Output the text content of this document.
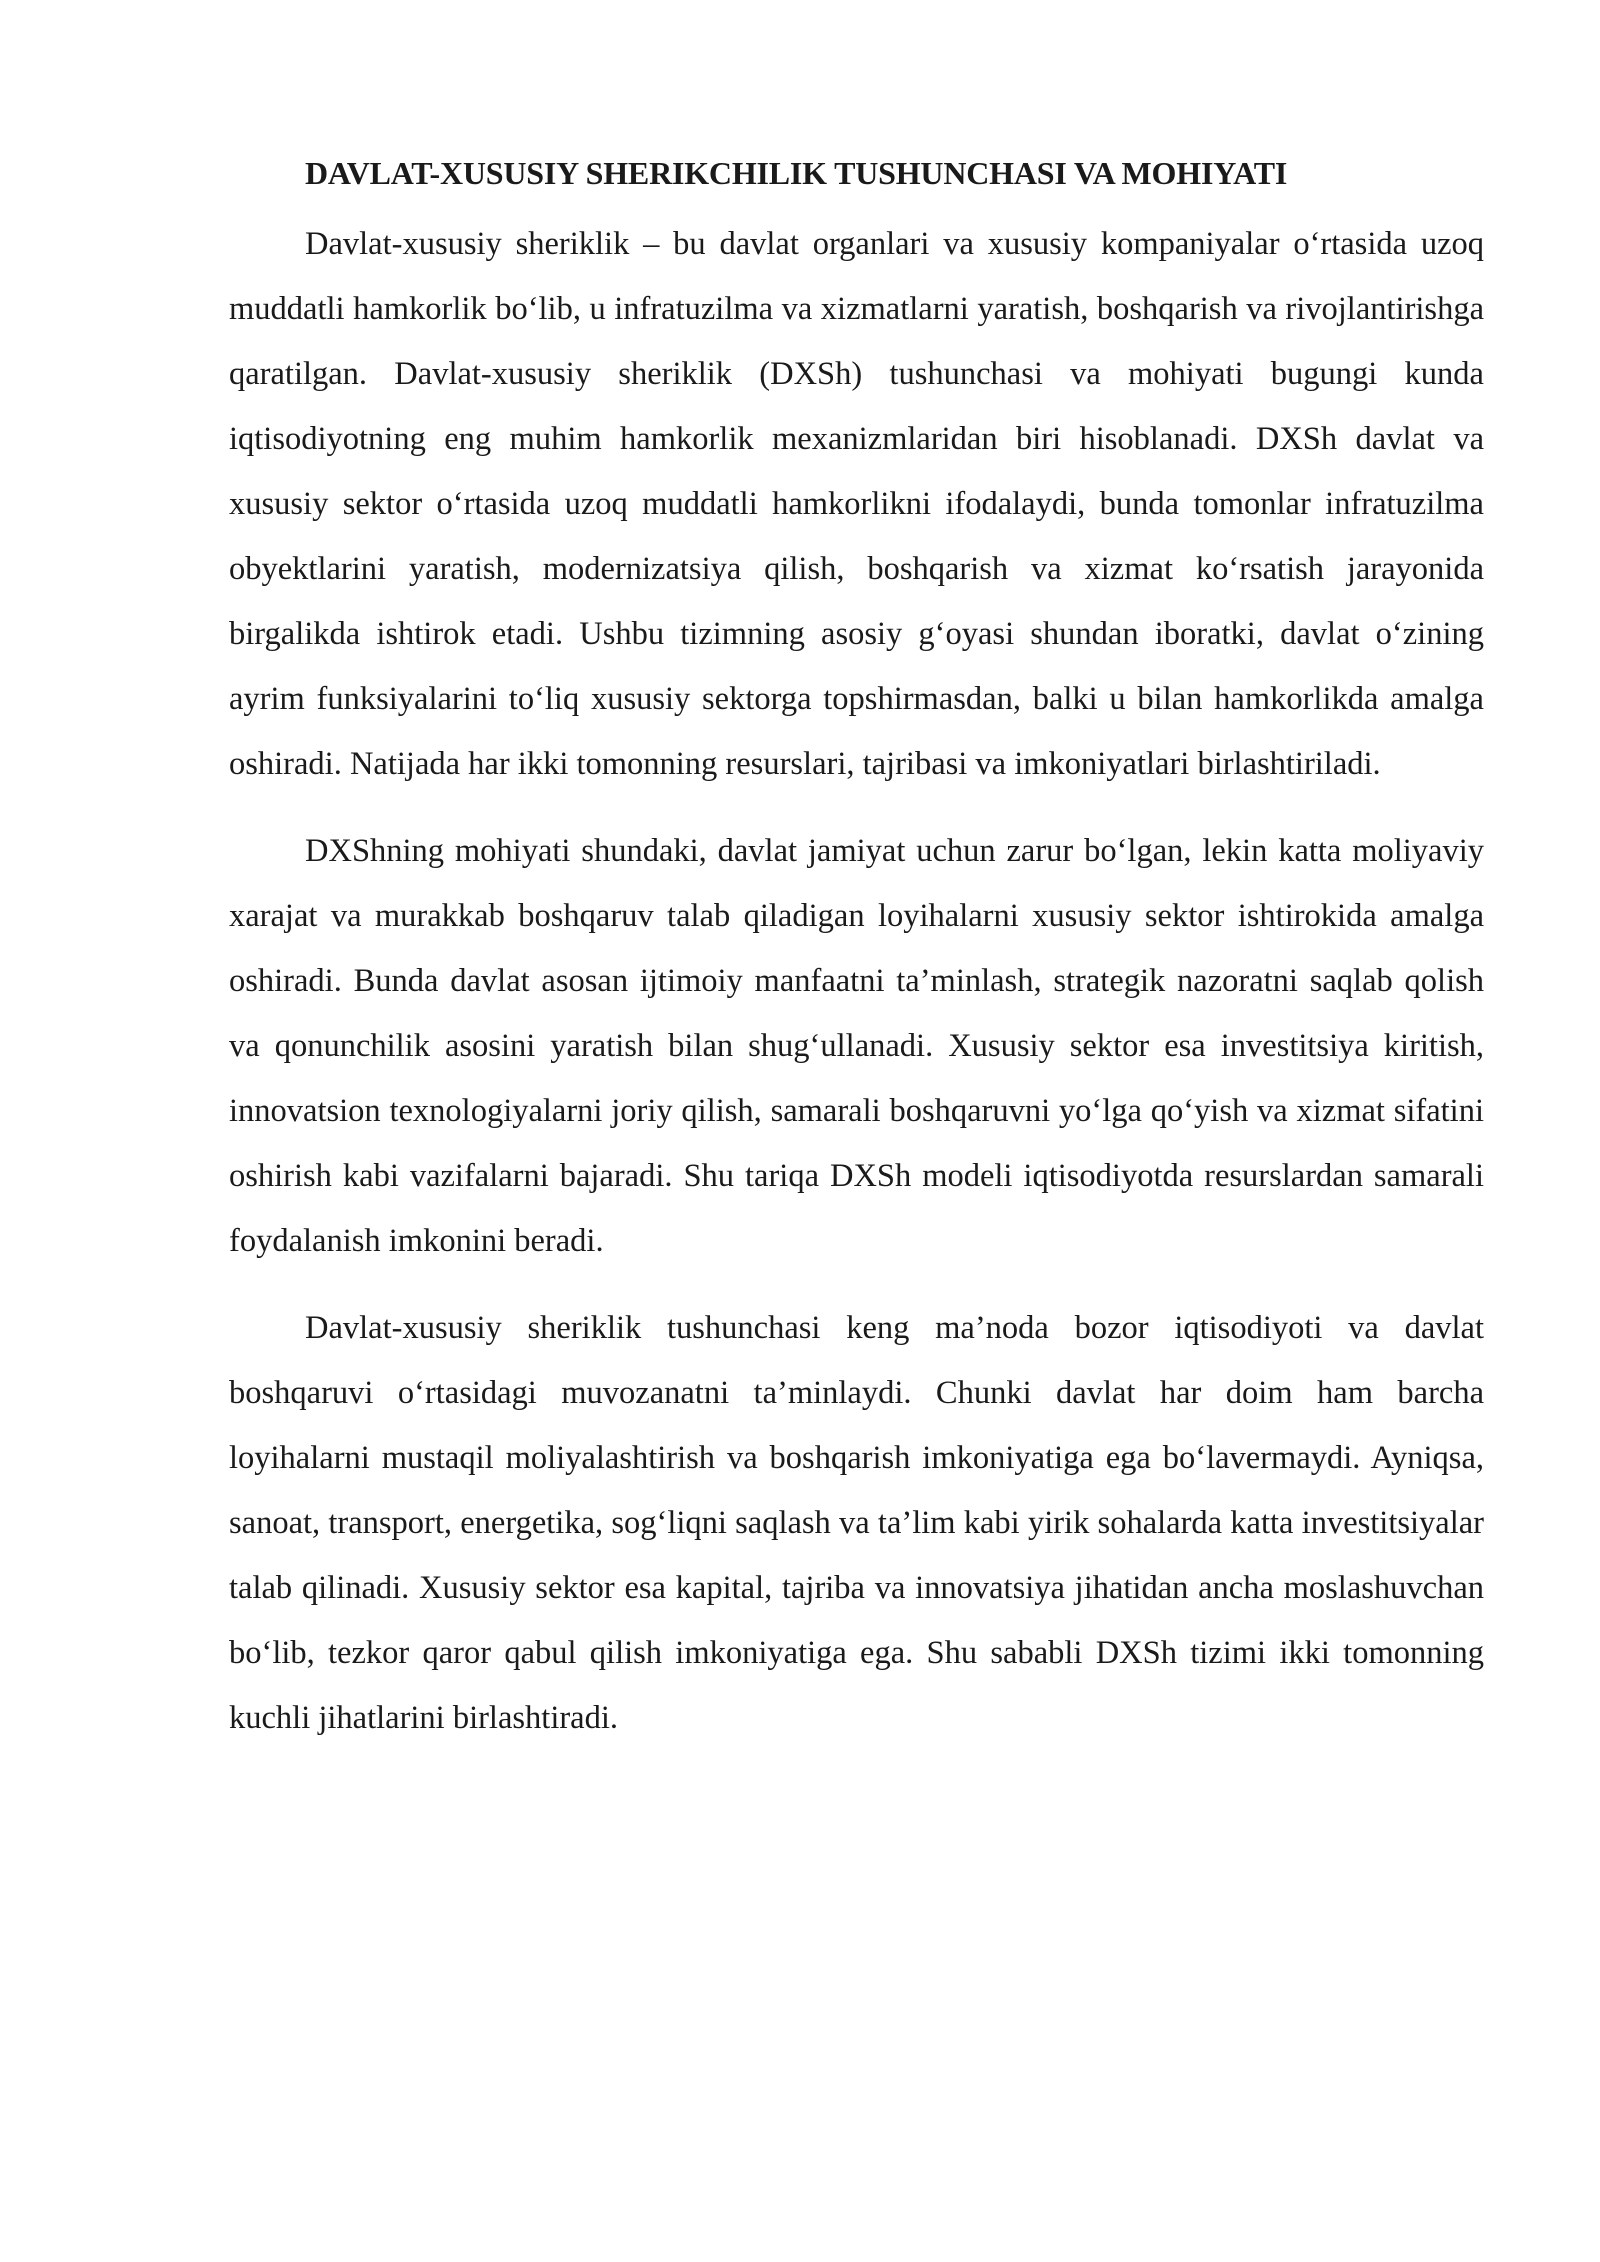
DAVLAT-XUSUSIY SHERIKCHILIK TUSHUNCHASI VA MOHIYATI

Davlat-xususiy sheriklik – bu davlat organlari va xususiy kompaniyalar o‘rtasida uzoq muddatli hamkorlik bo‘lib, u infratuzilma va xizmatlarni yaratish, boshqarish va rivojlantirishga qaratilgan. Davlat-xususiy sheriklik (DXSh) tushunchasi va mohiyati bugungi kunda iqtisodiyotning eng muhim hamkorlik mexanizmlaridan biri hisoblanadi. DXSh davlat va xususiy sektor o‘rtasida uzoq muddatli hamkorlikni ifodalaydi, bunda tomonlar infratuzilma obyektlarini yaratish, modernizatsiya qilish, boshqarish va xizmat ko‘rsatish jarayonida birgalikda ishtirok etadi. Ushbu tizimning asosiy g‘oyasi shundan iboratki, davlat o‘zining ayrim funksiyalarini to‘liq xususiy sektorga topshirmasdan, balki u bilan hamkorlikda amalga oshiradi. Natijada har ikki tomonning resurslari, tajribasi va imkoniyatlari birlashtiriladi.

DXShning mohiyati shundaki, davlat jamiyat uchun zarur bo‘lgan, lekin katta moliyaviy xarajat va murakkab boshqaruv talab qiladigan loyihalarni xususiy sektor ishtirokida amalga oshiradi. Bunda davlat asosan ijtimoiy manfaatni ta’minlash, strategik nazoratni saqlab qolish va qonunchilik asosini yaratish bilan shug‘ullanadi. Xususiy sektor esa investitsiya kiritish, innovatsion texnologiyalarni joriy qilish, samarali boshqaruvni yo‘lga qo‘yish va xizmat sifatini oshirish kabi vazifalarni bajaradi. Shu tariqa DXSh modeli iqtisodiyotda resurslardan samarali foydalanish imkonini beradi.

Davlat-xususiy sheriklik tushunchasi keng ma’noda bozor iqtisodiyoti va davlat boshqaruvi o‘rtasidagi muvozanatni ta’minlaydi. Chunki davlat har doim ham barcha loyihalarni mustaqil moliyalashtirish va boshqarish imkoniyatiga ega bo‘lavermaydi. Ayniqsa, sanoat, transport, energetika, sog‘liqni saqlash va ta’lim kabi yirik sohalarda katta investitsiyalar talab qilinadi. Xususiy sektor esa kapital, tajriba va innovatsiya jihatidan ancha moslashuvchan bo‘lib, tezkor qaror qabul qilish imkoniyatiga ega. Shu sababli DXSh tizimi ikki tomonning kuchli jihatlarini birlashtiradi.
